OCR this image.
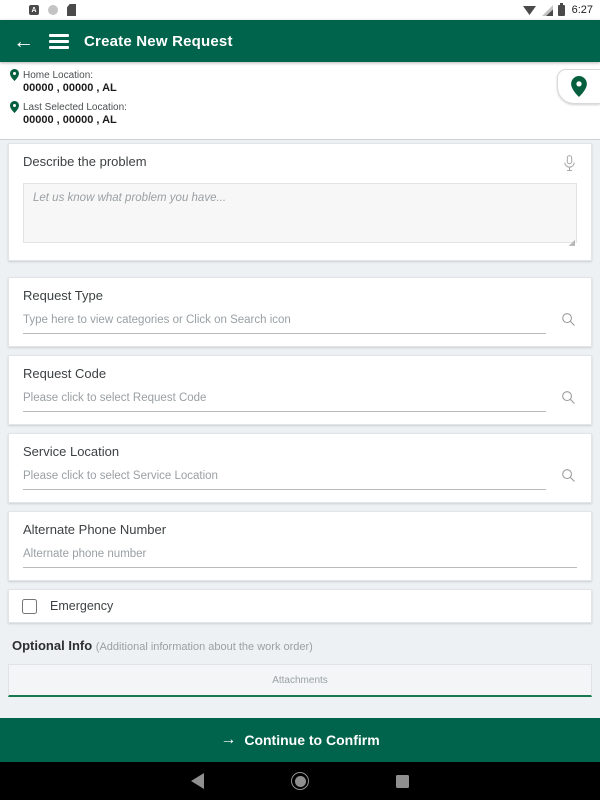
A	6:27
←	Create New Request
Home Location:
00000 , 00000 , AL
Last Selected Location:
00000 , 00000 , AL
Describe the problem
Let us know what problem you have...
Request Type
Type here to view categories or Click on Search icon
Request Code
Please click to select Request Code
Service Location
Please click to select Service Location
Alternate Phone Number
Alternate phone number
Emergency
Optional Info (Additional information about the work order)
Attachments
→ Continue to Confirm
